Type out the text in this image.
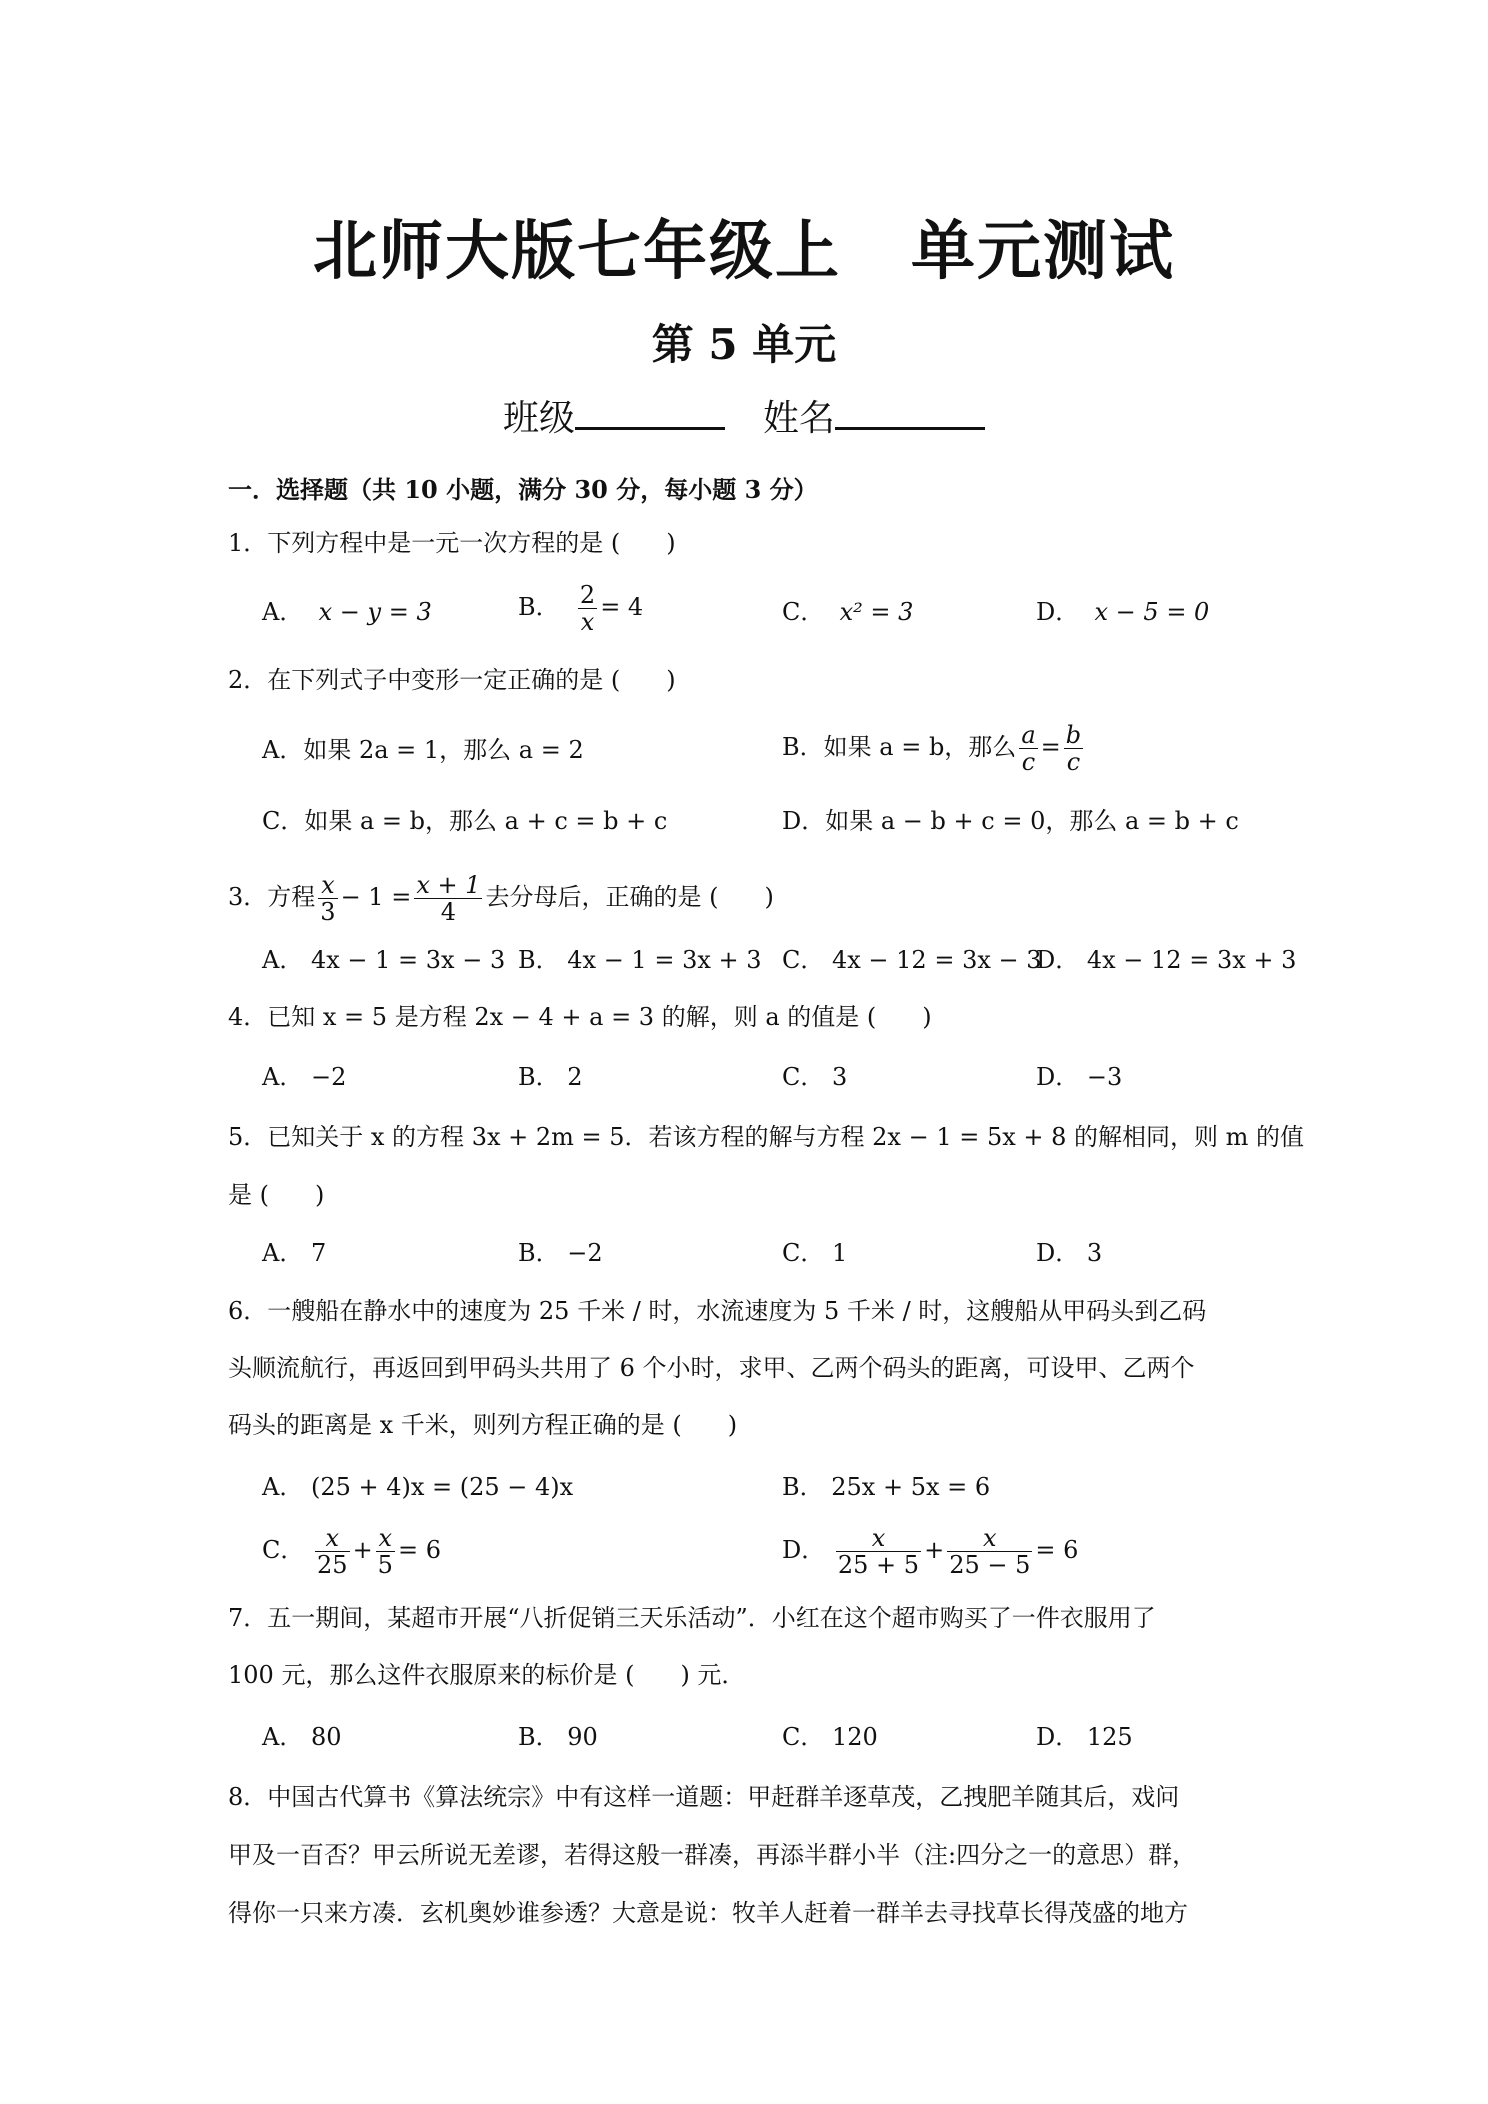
北师大版七年级上 单元测试
第 5 单元
班级	姓名
一．选择题（共 10 小题，满分 30 分，每小题 3 分）
1．下列方程中是一元一次方程的是 ( )
A． x − y = 3	B． $\frac{2}{x} = 4$	C． x² = 3	D． x − 5 = 0
2．在下列式子中变形一定正确的是 ( )
A．如果 2a = 1，那么 a = 2	B．如果 a = b，那么 $\frac{a}{c} = \frac{b}{c}$
C．如果 a = b，那么 a + c = b + c	D．如果 a − b + c = 0，那么 a = b + c
3．方程 $\frac{x}{3} - 1 = \frac{x + 1}{4}$ 去分母后，正确的是 ( )
A． 4x − 1 = 3x − 3 B． 4x − 1 = 3x + 3 C． 4x − 12 = 3x − 3
D． 4x − 12 = 3x + 3
4．已知 x = 5 是方程 2x − 4 + a = 3 的解，则 a 的值是 ( )
A． −2	B． 2	C． 3	D． −3
5．已知关于 x 的方程 3x + 2m = 5．若该方程的解与方程 2x − 1 = 5x + 8 的解相同，则 m 的值
是 ( )
A． 7	B． −2	C． 1	D． 3
6．一艘船在静水中的速度为 25 千米 / 时，水流速度为 5 千米 / 时，这艘船从甲码头到乙码
头顺流航行，再返回到甲码头共用了 6 个小时，求甲、乙两个码头的距离，可设甲、乙两个
码头的距离是 x 千米，则列方程正确的是 ( )
A． (25 + 4)x = (25 − 4)x	B． 25x + 5x = 6
C． $\frac{x}{25} + \frac{x}{5} = 6$	D． $\frac{x}{25 + 5} + \frac{x}{25 - 5} = 6$
7．五一期间，某超市开展“八折促销三天乐活动”．小红在这个超市购买了一件衣服用了
100 元，那么这件衣服原来的标价是 ( ) 元．
A． 80	B． 90	C． 120	D． 125
8．中国古代算书《算法统宗》中有这样一道题：甲赶群羊逐草茂，乙拽肥羊随其后，戏问
甲及一百否？甲云所说无差谬，若得这般一群凑，再添半群小半（注:四分之一的意思）群，
得你一只来方凑．玄机奥妙谁参透？大意是说：牧羊人赶着一群羊去寻找草长得茂盛的地方
